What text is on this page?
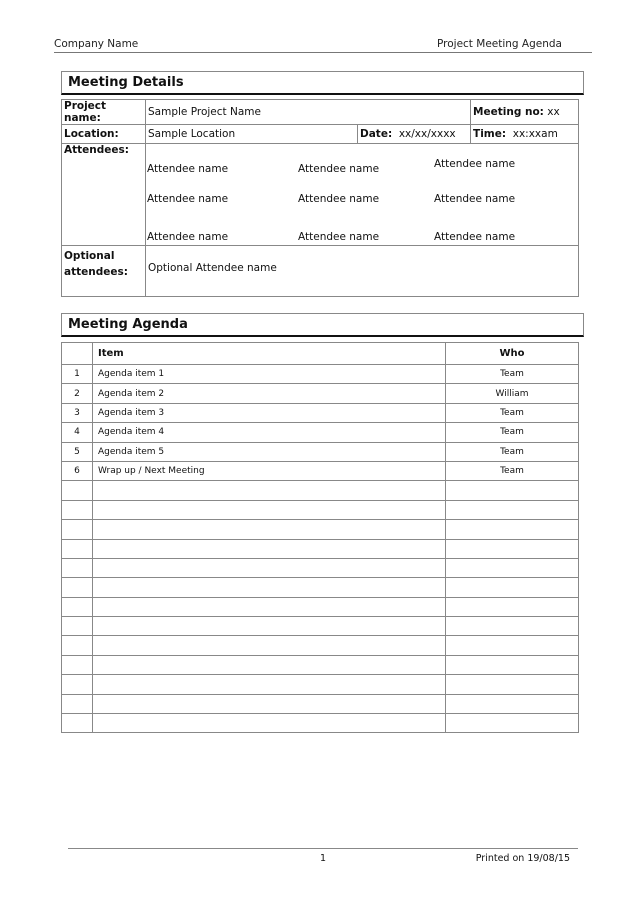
Company Name	Project Meeting Agenda
Meeting Details
Project name:	Sample Project Name		Meeting no: xx
Location:	Sample Location	Date: xx/xx/xxxx	Time: xx:xxam
Attendees:	
Attendee name	Attendee name	Attendee name
Attendee name	Attendee name	Attendee name
Attendee name	Attendee name	Attendee name

Optional
attendees:	Optional Attendee name		
Meeting Agenda
	Item	Who
1	Agenda item 1	Team
2	Agenda item 2	William
3	Agenda item 3	Team
4	Agenda item 4	Team
5	Agenda item 5	Team
6	Wrap up / Next Meeting	Team

1	Printed on 19/08/15
